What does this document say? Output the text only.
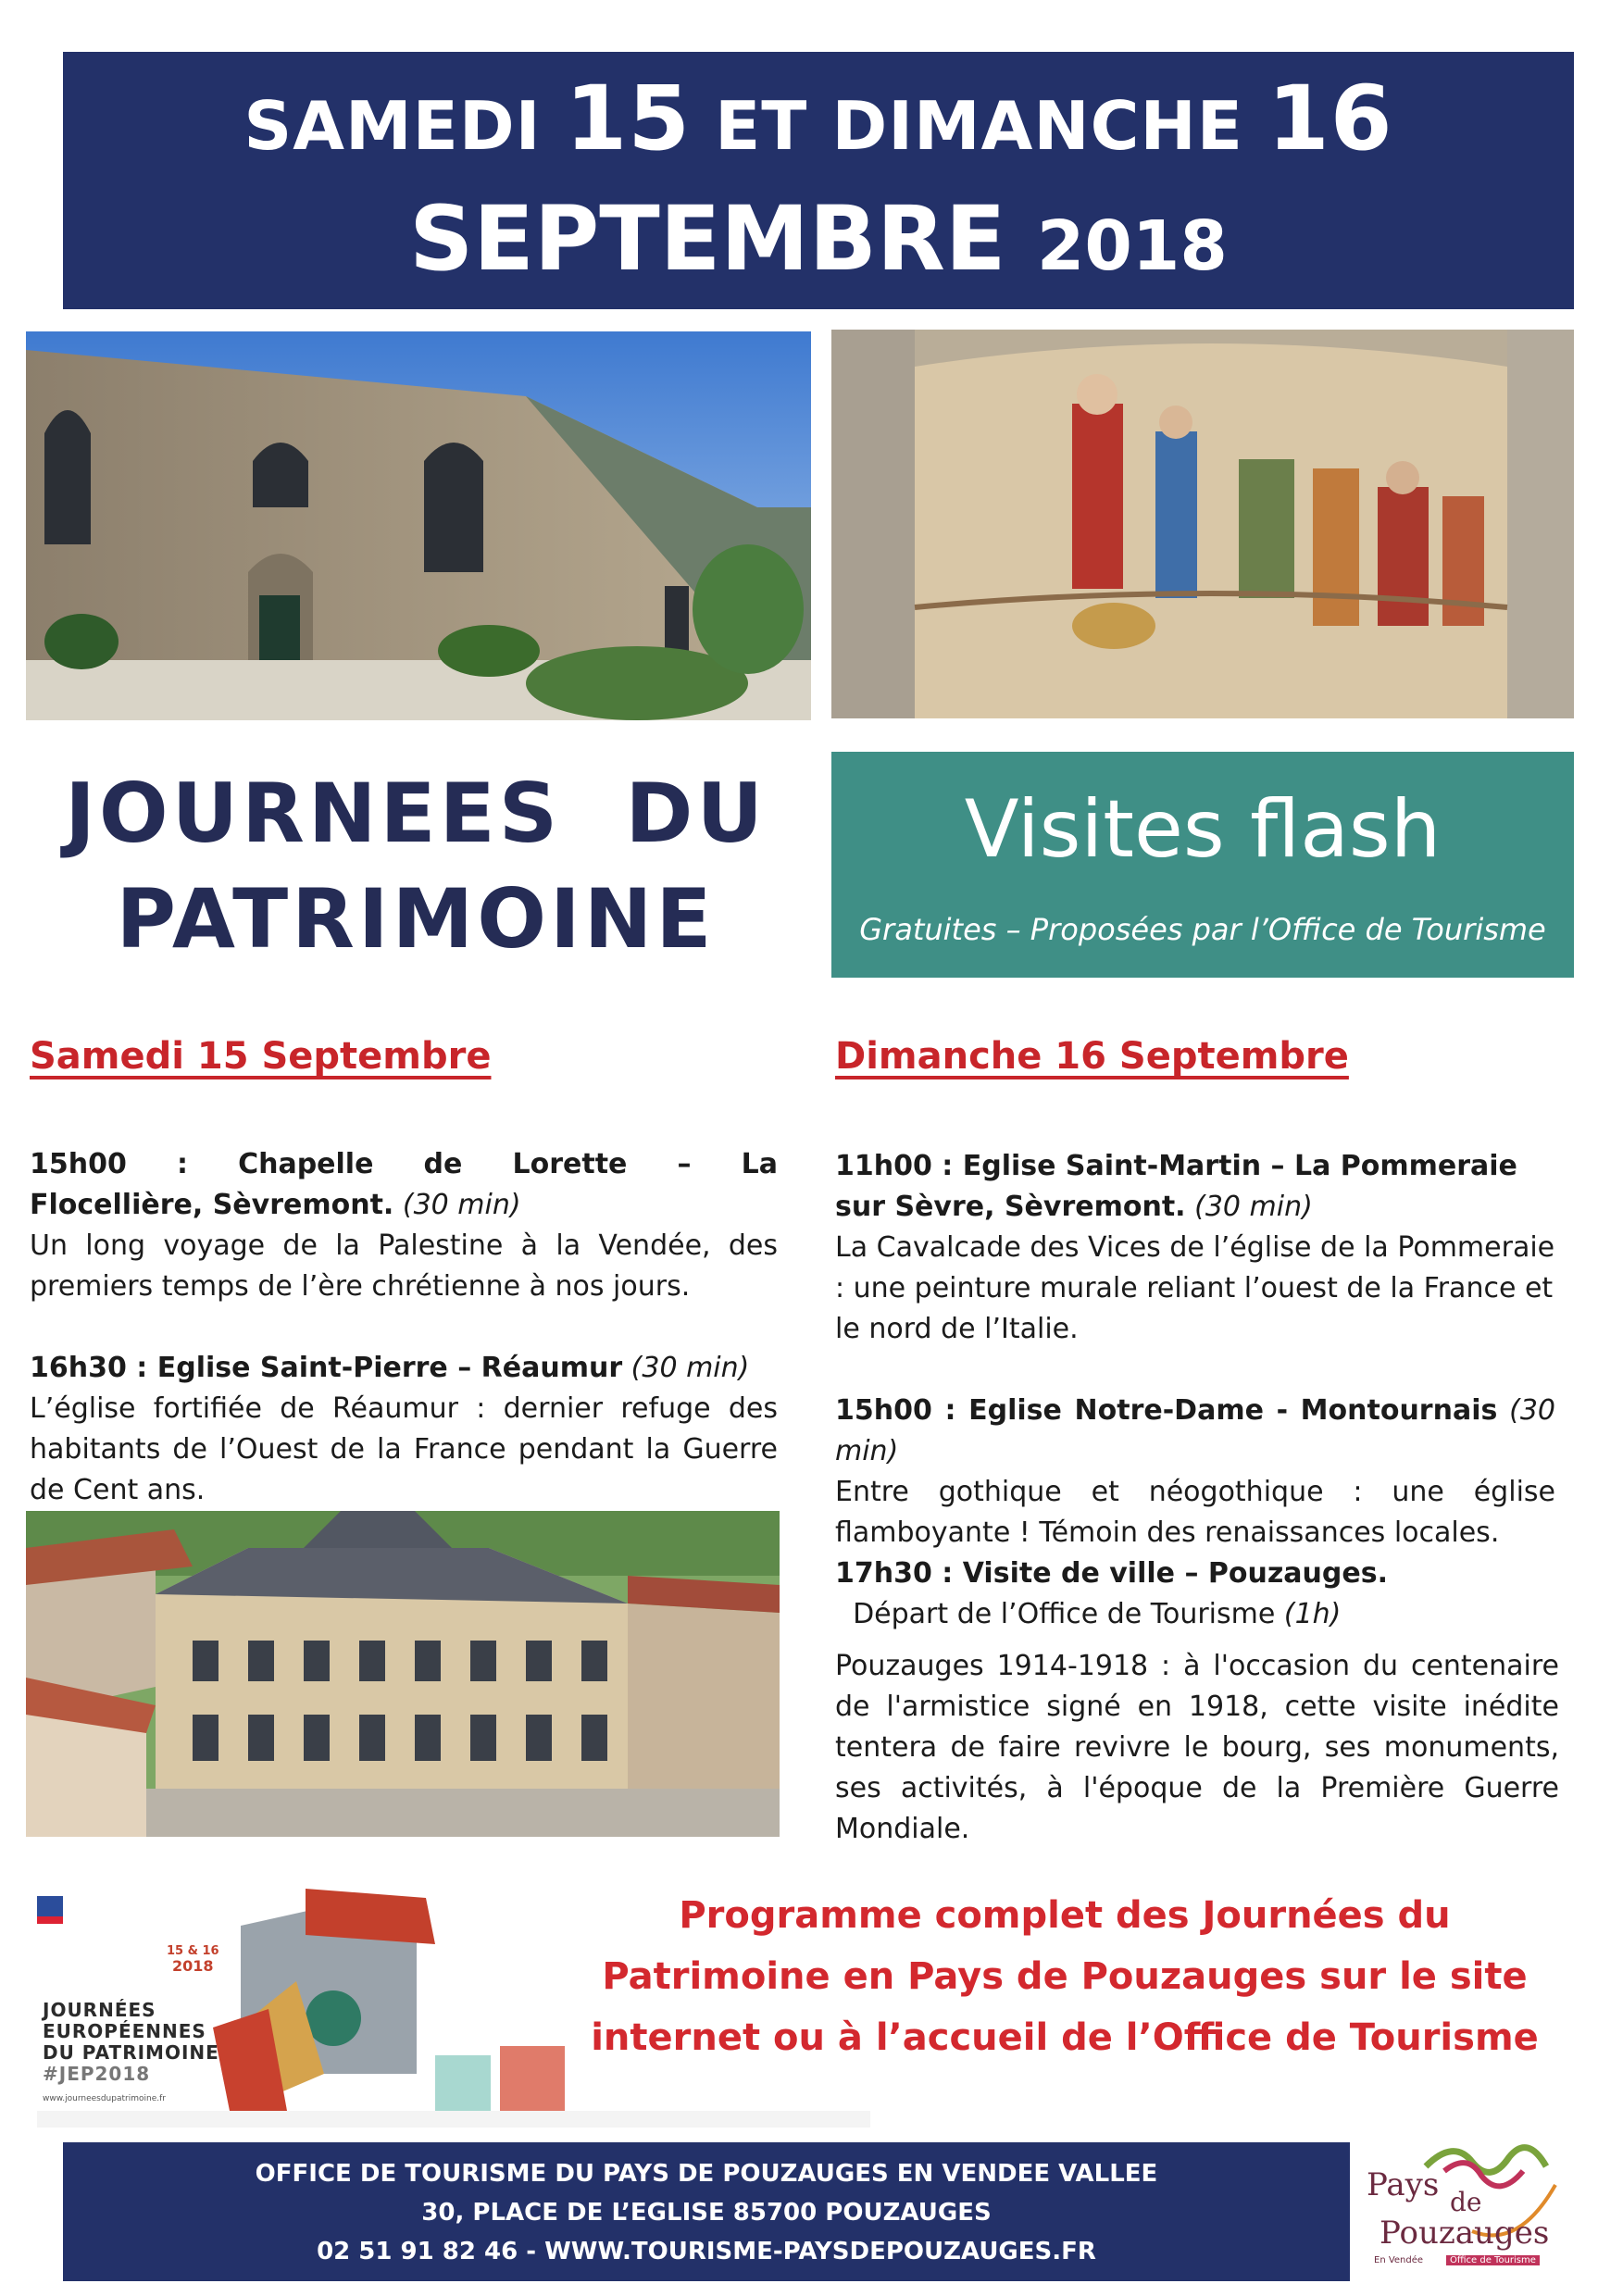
SAMEDI 15 ET DIMANCHE 16
SEPTEMBRE 2018
JOURNEES  DU
PATRIMOINE
Visites flash
Gratuites – Proposées par l’Office de Tourisme
Samedi 15 Septembre
15h00  :  Chapelle  de  Lorette  –  La  Flocellière, Sèvremont. (30 min)
Un long voyage de la Palestine à la Vendée, des premiers temps de l’ère chrétienne à nos jours.
16h30 : Eglise Saint-Pierre – Réaumur (30 min)
L’église fortifiée de Réaumur : dernier refuge des habitants de l’Ouest de la France pendant la Guerre de Cent ans.
Dimanche 16 Septembre
11h00 : Eglise Saint-Martin – La Pommeraie sur Sèvre, Sèvremont. (30 min)
La Cavalcade des Vices de l’église de la Pommeraie : une peinture murale reliant l’ouest de la France et le nord de l’Italie.
15h00 : Eglise Notre-Dame - Montournais (30 min)
Entre  gothique  et  néogothique  :  une  église flamboyante ! Témoin des renaissances locales.
17h30 : Visite de ville – Pouzauges.  Départ de l’Office de Tourisme (1h)
Pouzauges 1914-1918 : à l'occasion du centenaire de l'armistice signé en 1918, cette visite inédite tentera de faire revivre le bourg, ses monuments, ses activités, à l'époque de la Première Guerre Mondiale.
JOURNÉES
EUROPÉENNES
DU PATRIMOINE
#JEP2018
15 & 16
2018
www.journeesdupatrimoine.fr
Programme complet des Journées du
Patrimoine en Pays de Pouzauges sur le site
internet ou à l’accueil de l’Office de Tourisme
OFFICE DE TOURISME DU PAYS DE POUZAUGES EN VENDEE VALLEE
30, PLACE DE L’EGLISE 85700 POUZAUGES
02 51 91 82 46 - WWW.TOURISME-PAYSDEPOUZAUGES.FR
Pays de
Pouzauges
En Vendée	Office de Tourisme
